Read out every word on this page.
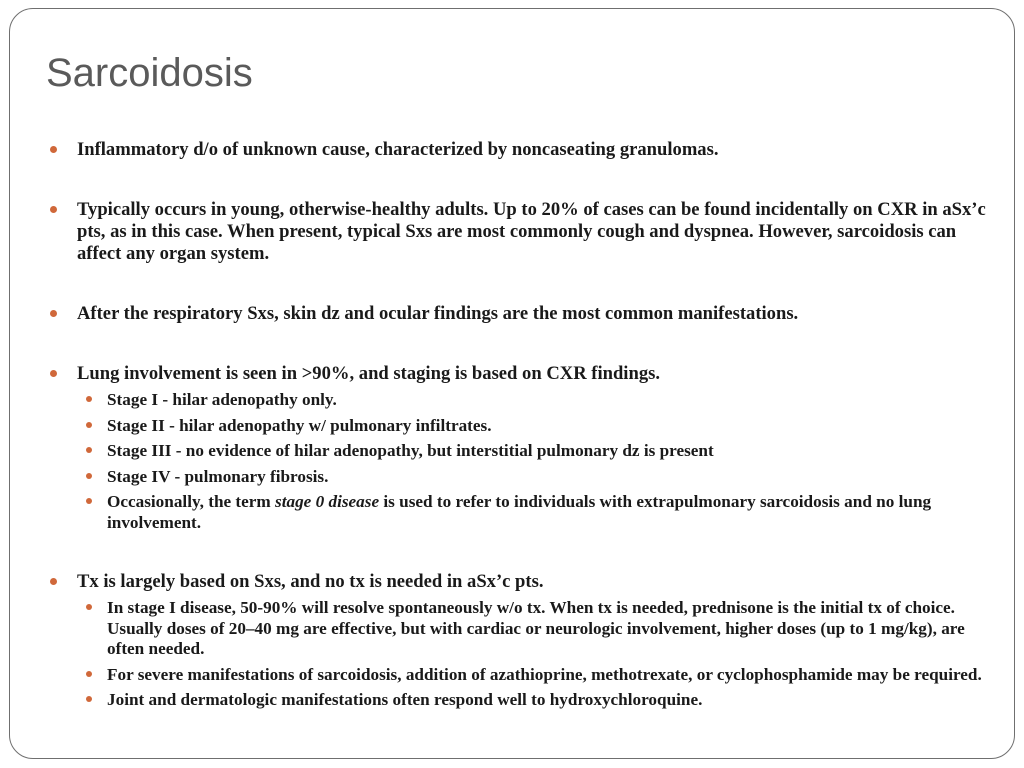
Sarcoidosis
Inflammatory d/o of unknown cause, characterized by noncaseating granulomas.
Typically occurs in young, otherwise-healthy adults. Up to 20% of cases can be found incidentally on CXR in aSx’c pts, as in this case. When present, typical Sxs are most commonly cough and dyspnea. However, sarcoidosis can affect any organ system.
After the respiratory Sxs, skin dz and ocular findings are the most common manifestations.
Lung involvement is seen in >90%, and staging is based on CXR findings.
Stage I - hilar adenopathy only.
Stage II - hilar adenopathy w/ pulmonary infiltrates.
Stage III - no evidence of hilar adenopathy, but interstitial pulmonary dz is present
Stage IV - pulmonary fibrosis.
Occasionally, the term stage 0 disease is used to refer to individuals with extrapulmonary sarcoidosis and no lung involvement.
Tx is largely based on Sxs, and no tx is needed in aSx’c pts.
In stage I disease, 50-90% will resolve spontaneously w/o tx. When tx is needed, prednisone is the initial tx of choice. Usually doses of 20–40 mg are effective, but with cardiac or neurologic involvement, higher doses (up to 1 mg/kg), are often needed.
For severe manifestations of sarcoidosis, addition of azathioprine, methotrexate, or cyclophosphamide may be required.
Joint and dermatologic manifestations often respond well to hydroxychloroquine.
